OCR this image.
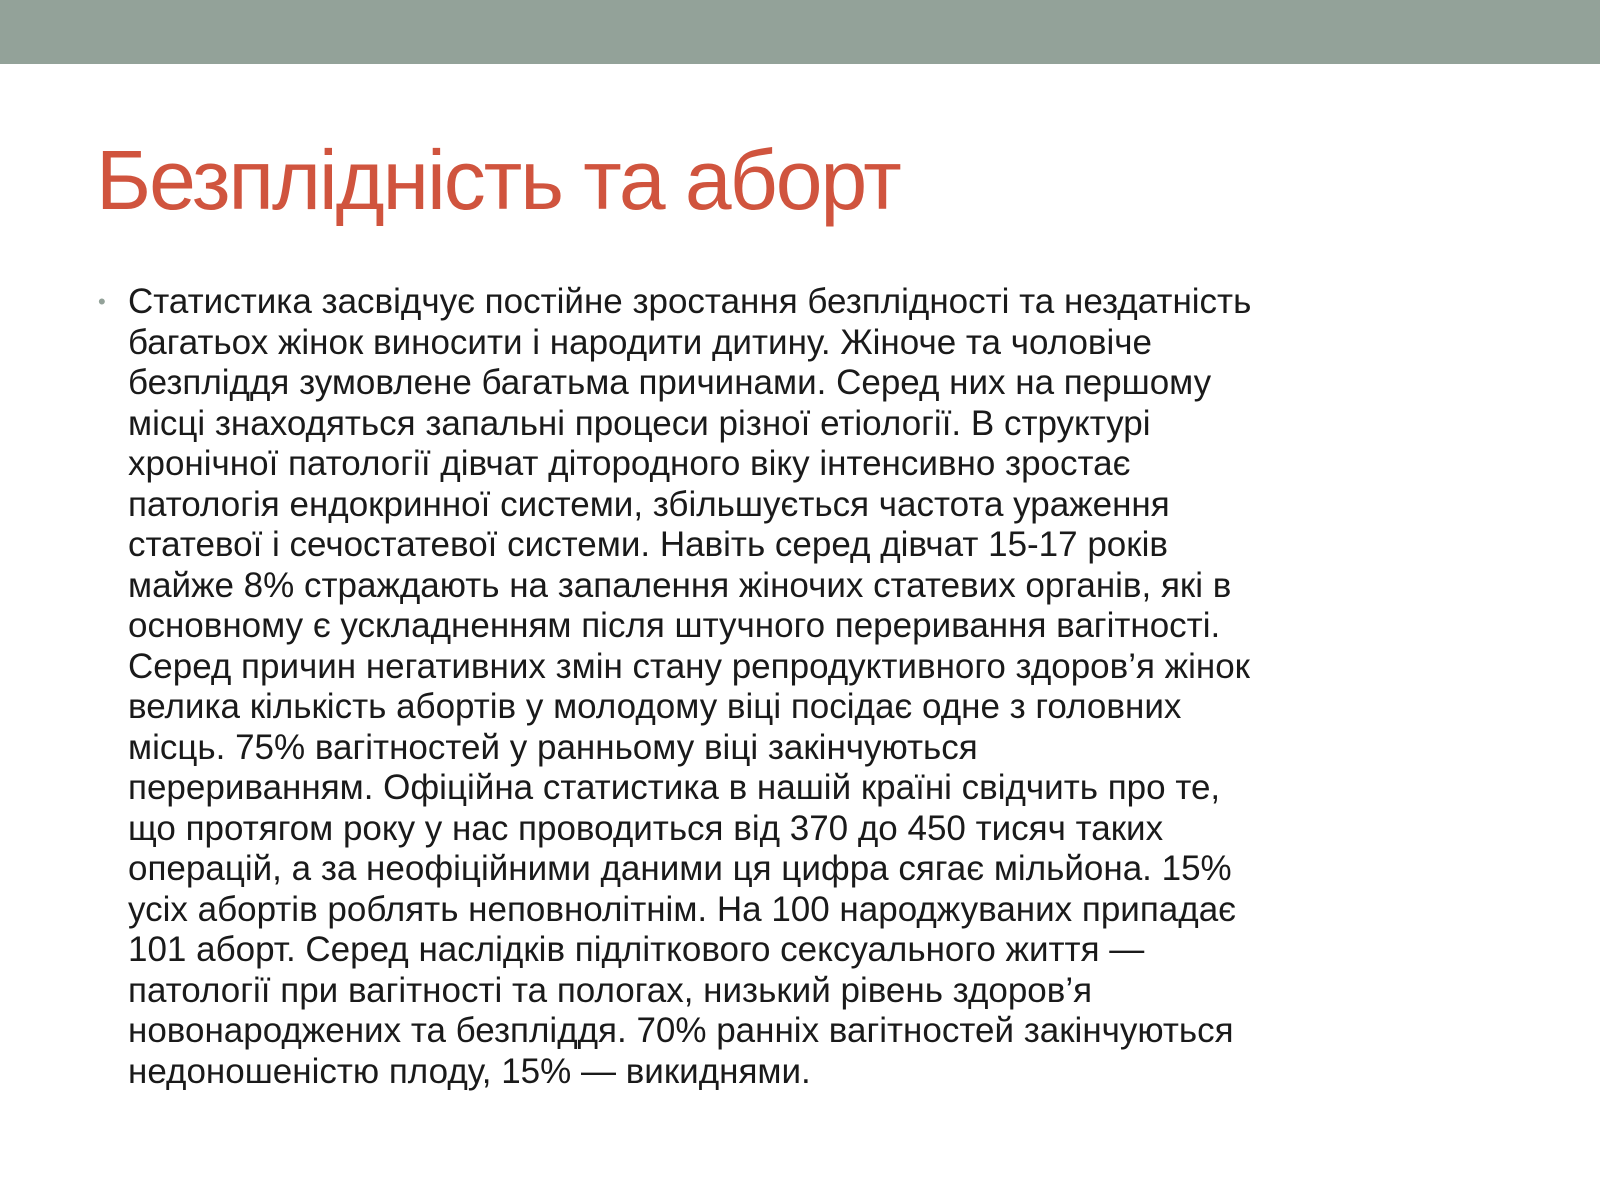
Безплідність та аборт
• Статистика засвідчує постійне зростання безплідності та нездатність
багатьох жінок виносити і народити дитину. Жіноче та чоловіче
безпліддя зумовлене багатьма причинами. Серед них на першому
місці знаходяться запальні процеси різної етіології. В структурі
хронічної патології дівчат дітородного віку інтенсивно зростає
патологія ендокринної системи, збільшується частота ураження
статевої і сечостатевої системи. Навіть серед дівчат 15-17 років
майже 8% страждають на запалення жіночих статевих органів, які в
основному є ускладненням після штучного переривання вагітності.
Серед причин негативних змін стану репродуктивного здоров’я жінок
велика кількість абортів у молодому віці посідає одне з головних
місць. 75% вагітностей у ранньому віці закінчуються
перериванням. Офіційна статистика в нашій країні свідчить про те,
що протягом року у нас проводиться від 370 до 450 тисяч таких
операцій, а за неофіційними даними ця цифра сягає мільйона. 15%
усіх абортів роблять неповнолітнім. На 100 народжуваних припадає
101 аборт. Серед наслідків підліткового сексуального життя —
патології при вагітності та пологах, низький рівень здоров’я
новонароджених та безпліддя. 70% ранніх вагітностей закінчуються
недоношеністю плоду, 15% — викиднями.
